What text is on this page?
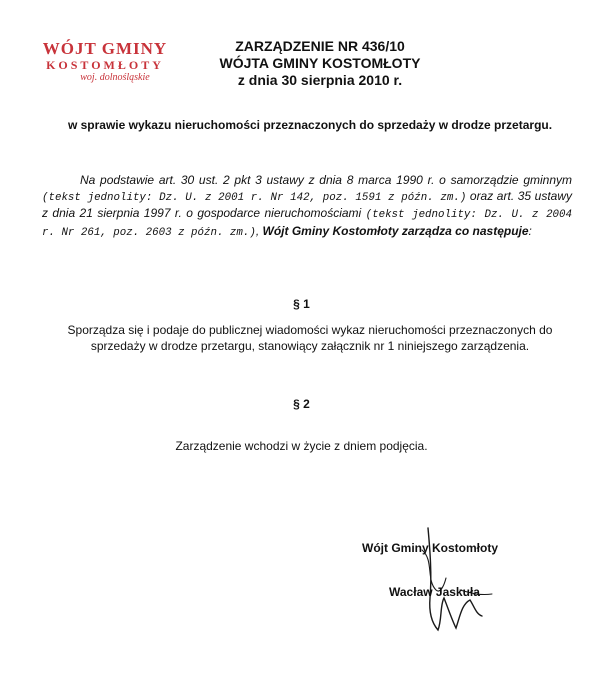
WÓJT GMINY
KOSTOMŁOTY
woj. dolnośląskie
ZARZĄDZENIE NR 436/10
WÓJTA GMINY KOSTOMŁOTY
z dnia 30 sierpnia 2010 r.
w sprawie wykazu nieruchomości przeznaczonych do sprzedaży w drodze przetargu.
Na podstawie art. 30 ust. 2 pkt 3 ustawy z dnia 8 marca 1990 r. o samorządzie gminnym (tekst jednolity: Dz. U. z 2001 r. Nr 142, poz. 1591 z późn. zm.) oraz art. 35 ustawy z dnia 21 sierpnia 1997 r. o gospodarce nieruchomościami (tekst jednolity: Dz. U. z 2004 r. Nr 261, poz. 2603 z późn. zm.), Wójt Gminy Kostomłoty zarządza co następuje:
§ 1
Sporządza się i podaje do publicznej wiadomości wykaz nieruchomości przeznaczonych do sprzedaży w drodze przetargu, stanowiący załącznik nr 1 niniejszego zarządzenia.
§ 2
Zarządzenie wchodzi w życie z dniem podjęcia.
Wójt Gminy Kostomłoty
Wacław Jaskuła
